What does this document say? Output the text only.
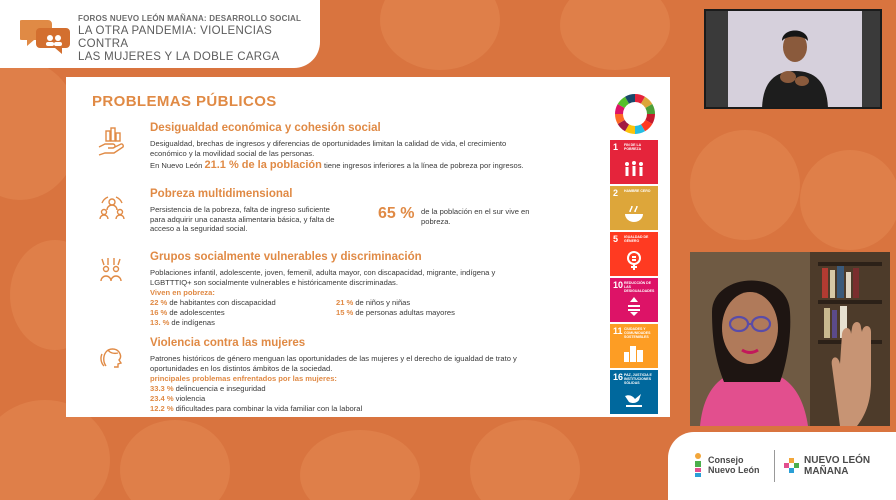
FOROS NUEVO LEÓN MAÑANA: DESARROLLO SOCIAL
LA OTRA PANDEMIA: VIOLENCIAS CONTRA
LAS MUJERES Y LA DOBLE CARGA
PROBLEMAS PÚBLICOS
Desigualdad económica y cohesión social
Desigualdad, brechas de ingresos y diferencias de oportunidades limitan la calidad de vida, el crecimiento
económico y la movilidad social de las personas.
En Nuevo León 21.1 % de la población tiene ingresos inferiores a la línea de pobreza por ingresos.
Pobreza multidimensional
Persistencia de la pobreza, falta de ingreso suficiente
para adquirir una canasta alimentaria básica, y falta de
acceso a la seguridad social.
65 % de la población en el sur vive en
pobreza.
Grupos socialmente vulnerables y discriminación
Poblaciones infantil, adolescente, joven, femenil, adulta mayor, con discapacidad, migrante, indígena y
LGBTTTIQ+ son socialmente vulnerables e históricamente discriminadas.
Viven en pobreza:
22 % de habitantes con discapacidad
16 % de adolescentes
13. % de indígenas
21 % de niños y niñas
15 % de personas adultas mayores
Violencia contra las mujeres
Patrones históricos de género menguan las oportunidades de las mujeres y el derecho de igualdad de trato y
oportunidades en los distintos ámbitos de la sociedad.
principales problemas enfrentados por las mujeres:
33.3 % delincuencia e inseguridad
23.4 % violencia
12.2 % dificultades para combinar la vida familiar con la laboral
1 FIN DE LA POBREZA
2 HAMBRE CERO
5 IGUALDAD DE GÉNERO
10 REDUCCIÓN DE LAS DESIGUALDADES
11 CIUDADES Y COMUNIDADES SOSTENIBLES
16 PAZ, JUSTICIA E INSTITUCIONES SÓLIDAS
Consejo
Nuevo León
NUEVO LEÓN
MAÑANA
